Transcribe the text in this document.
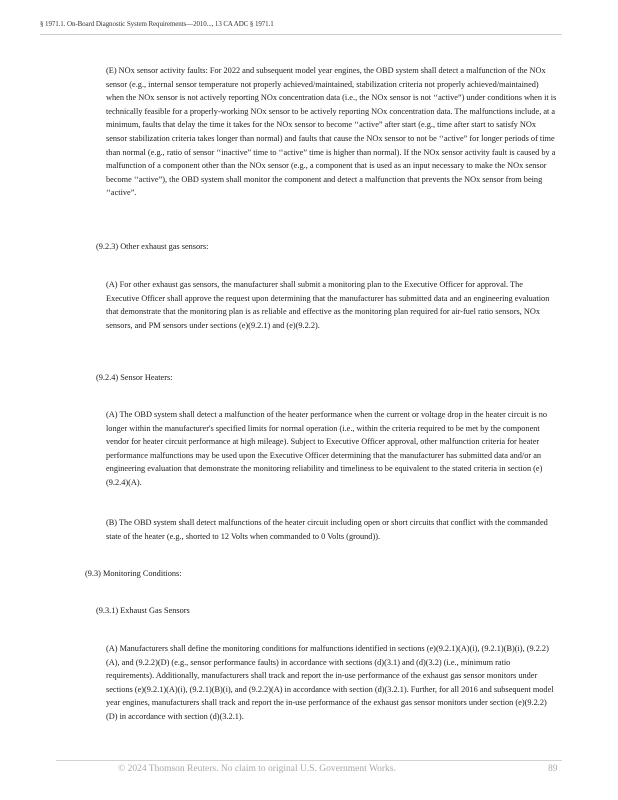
§ 1971.1. On-Board Diagnostic System Requirements—2010..., 13 CA ADC § 1971.1

(E) NOx sensor activity faults: For 2022 and subsequent model year engines, the OBD system shall detect a malfunction of the NOx sensor (e.g., internal sensor temperature not properly achieved/maintained, stabilization criteria not properly achieved/maintained) when the NOx sensor is not actively reporting NOx concentration data (i.e., the NOx sensor is not ‘‘active”) under conditions when it is technically feasible for a properly-working NOx sensor to be actively reporting NOx concentration data. The malfunctions include, at a minimum, faults that delay the time it takes for the NOx sensor to become ‘‘active” after start (e.g., time after start to satisfy NOx sensor stabilization criteria takes longer than normal) and faults that cause the NOx sensor to not be ‘‘active” for longer periods of time than normal (e.g., ratio of sensor ‘‘inactive” time to ‘‘active” time is higher than normal). If the NOx sensor activity fault is caused by a malfunction of a component other than the NOx sensor (e.g., a component that is used as an input necessary to make the NOx sensor become ‘‘active”), the OBD system shall monitor the component and detect a malfunction that prevents the NOx sensor from being ‘‘active”.

(9.2.3) Other exhaust gas sensors:

(A) For other exhaust gas sensors, the manufacturer shall submit a monitoring plan to the Executive Officer for approval. The Executive Officer shall approve the request upon determining that the manufacturer has submitted data and an engineering evaluation that demonstrate that the monitoring plan is as reliable and effective as the monitoring plan required for air-fuel ratio sensors, NOx sensors, and PM sensors under sections (e)(9.2.1) and (e)(9.2.2).

(9.2.4) Sensor Heaters:

(A) The OBD system shall detect a malfunction of the heater performance when the current or voltage drop in the heater circuit is no longer within the manufacturer's specified limits for normal operation (i.e., within the criteria required to be met by the component vendor for heater circuit performance at high mileage). Subject to Executive Officer approval, other malfunction criteria for heater performance malfunctions may be used upon the Executive Officer determining that the manufacturer has submitted data and/or an engineering evaluation that demonstrate the monitoring reliability and timeliness to be equivalent to the stated criteria in section (e)(9.2.4)(A).

(B) The OBD system shall detect malfunctions of the heater circuit including open or short circuits that conflict with the commanded state of the heater (e.g., shorted to 12 Volts when commanded to 0 Volts (ground)).

(9.3) Monitoring Conditions:

(9.3.1) Exhaust Gas Sensors

(A) Manufacturers shall define the monitoring conditions for malfunctions identified in sections (e)(9.2.1)(A)(i), (9.2.1)(B)(i), (9.2.2)(A), and (9.2.2)(D) (e.g., sensor performance faults) in accordance with sections (d)(3.1) and (d)(3.2) (i.e., minimum ratio requirements). Additionally, manufacturers shall track and report the in-use performance of the exhaust gas sensor monitors under sections (e)(9.2.1)(A)(i), (9.2.1)(B)(i), and (9.2.2)(A) in accordance with section (d)(3.2.1). Further, for all 2016 and subsequent model year engines, manufacturers shall track and report the in-use performance of the exhaust gas sensor monitors under section (e)(9.2.2)(D) in accordance with section (d)(3.2.1).

© 2024 Thomson Reuters. No claim to original U.S. Government Works.	89
